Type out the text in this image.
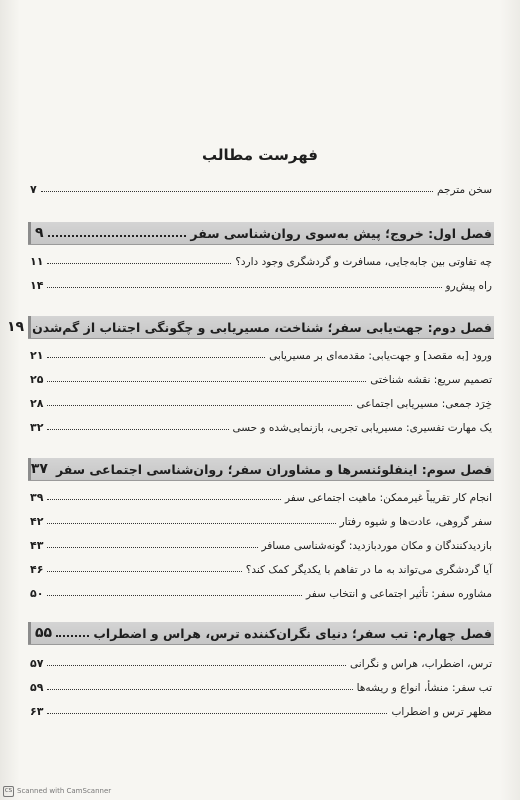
فهرست مطالب
سخن مترجم
۷
فصل اول: خروج؛ پیش به‌سوی روان‌شناسی سفر
۹
چه تفاوتی بین جابه‌جایی، مسافرت و گردشگری وجود دارد؟
۱۱
راه پیش‌رو
۱۴
فصل دوم: جهت‌یابی سفر؛ شناخت، مسیریابی و چگونگی اجتناب از گم‌شدن
۱۹
ورود [به مقصد] و جهت‌یابی: مقدمه‌ای بر مسیریابی
۲۱
تصمیم سریع: نقشه شناختی
۲۵
خِرَد جمعی: مسیریابی اجتماعی
۲۸
یک مهارت تفسیری: مسیریابی تجربی، بازنمایی‌شده و حسی
۳۲
فصل سوم: اینفلوئنسرها و مشاوران سفر؛ روان‌شناسی اجتماعی سفر
۳۷
انجام کار تقریباً غیرممکن: ماهیت اجتماعی سفر
۳۹
سفر گروهی، عادت‌ها و شیوه رفتار
۴۲
بازدیدکنندگان و مکان موردبازدید: گونه‌شناسی مسافر
۴۳
آیا گردشگری می‌تواند به ما در تفاهم با یکدیگر کمک کند؟
۴۶
مشاوره سفر: تأثیر اجتماعی و انتخاب سفر
۵۰
فصل چهارم: تب سفر؛ دنیای نگران‌کننده ترس، هراس و اضطراب
۵۵
ترس، اضطراب، هراس و نگرانی
۵۷
تب سفر: منشأ، انواع و ریشه‌ها
۵۹
مظهر ترس و اضطراب
۶۳
CS Scanned with CamScanner
